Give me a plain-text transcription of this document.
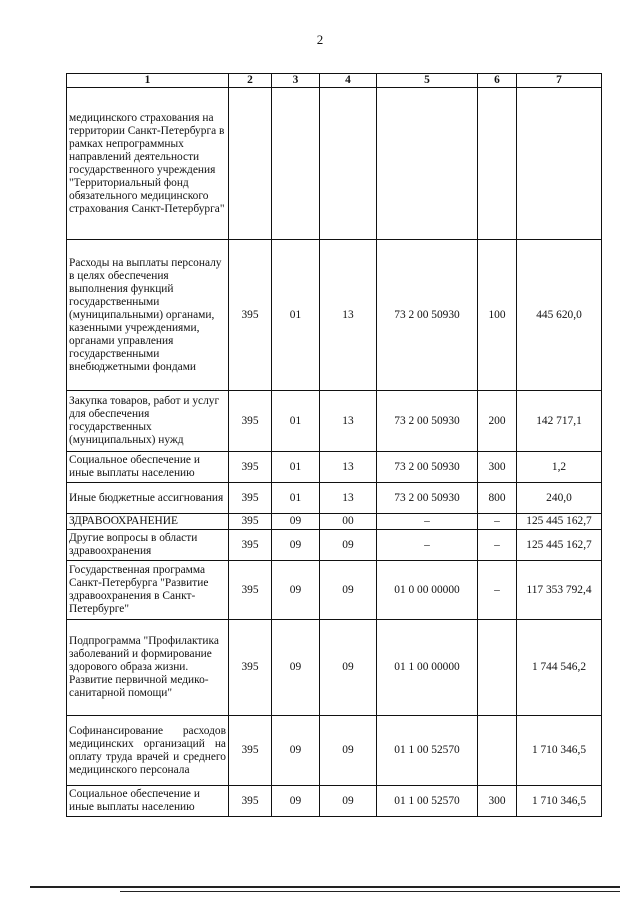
2
1	2	3	4	5	6	7
медицинского страхования на территории Санкт-Петербурга в рамках непрограммных направлений деятельности государственного учреждения "Территориальный фонд обязательного медицинского страхования Санкт-Петербурга"						
Расходы на выплаты персоналу в целях обеспечения выполнения функций государственными (муниципальными) органами, казенными учреждениями, органами управления государственными внебюджетными фондами	395	01	13	73 2 00 50930	100	445 620,0
Закупка товаров, работ и услуг для обеспечения государственных (муниципальных) нужд	395	01	13	73 2 00 50930	200	142 717,1
Социальное обеспечение и иные выплаты населению	395	01	13	73 2 00 50930	300	1,2
Иные бюджетные ассигнования	395	01	13	73 2 00 50930	800	240,0
ЗДРАВООХРАНЕНИЕ	395	09	00	–	–	125 445 162,7
Другие вопросы в области здравоохранения	395	09	09	–	–	125 445 162,7
Государственная программа Санкт-Петербурга "Развитие здравоохранения в Санкт-Петербурге"	395	09	09	01 0 00 00000	–	117 353 792,4
Подпрограмма "Профилактика заболеваний и формирование здорового образа жизни. Развитие первичной медико-санитарной помощи"	395	09	09	01 1 00 00000		1 744 546,2
Софинансирование расходов медицинских организаций на оплату труда врачей и среднего медицинского персонала	395	09	09	01 1 00 52570		1 710 346,5
Социальное обеспечение и иные выплаты населению	395	09	09	01 1 00 52570	300	1 710 346,5
